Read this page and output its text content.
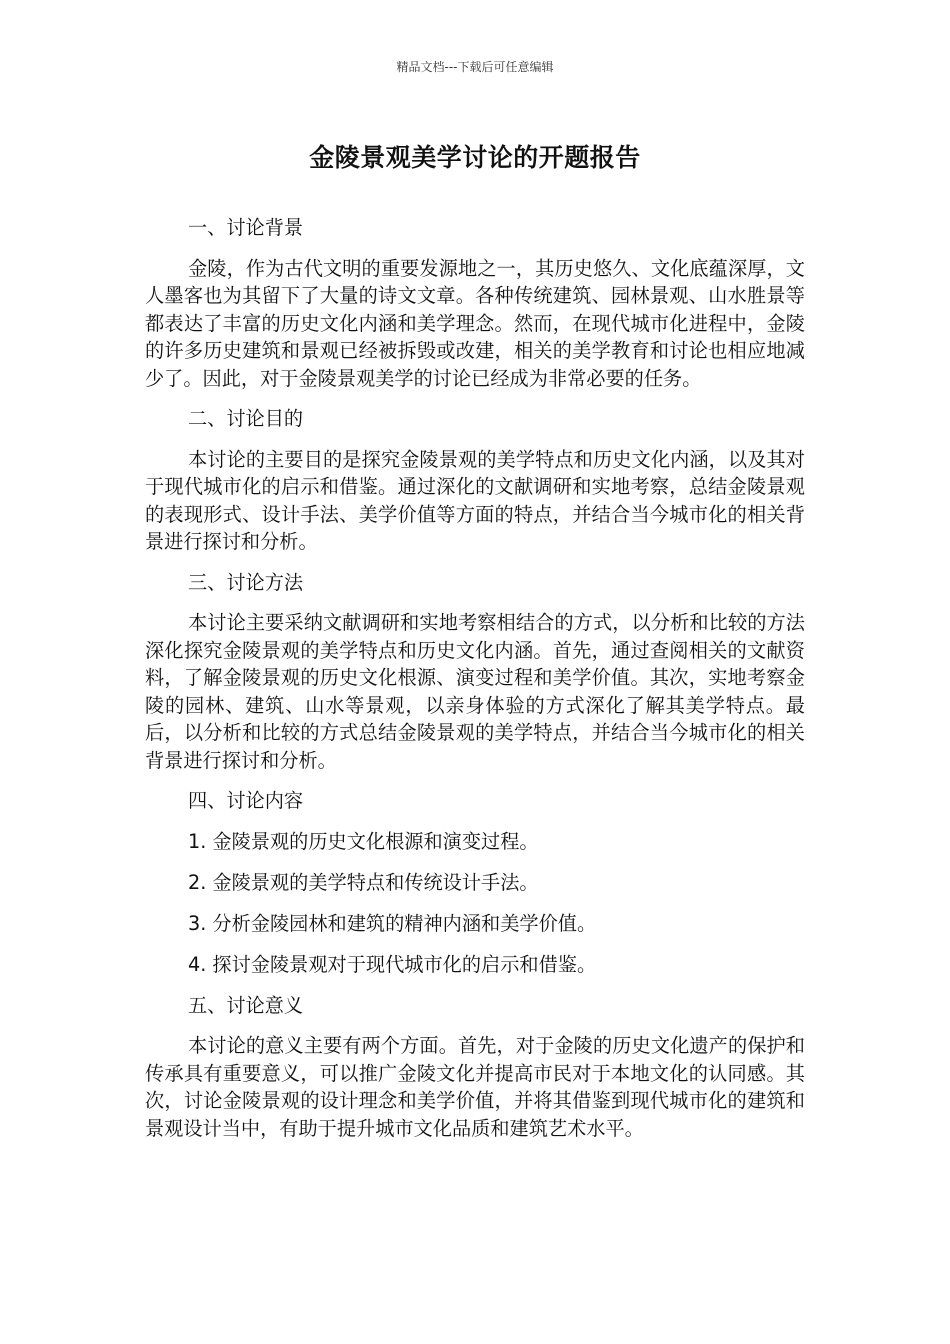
精品文档---下载后可任意编辑
金陵景观美学讨论的开题报告

一、讨论背景

金陵，作为古代文明的重要发源地之一，其历史悠久、文化底蕴深厚，文人墨客也为其留下了大量的诗文文章。各种传统建筑、园林景观、山水胜景等都表达了丰富的历史文化内涵和美学理念。然而，在现代城市化进程中，金陵的许多历史建筑和景观已经被拆毁或改建，相关的美学教育和讨论也相应地减少了。因此，对于金陵景观美学的讨论已经成为非常必要的任务。

二、讨论目的

本讨论的主要目的是探究金陵景观的美学特点和历史文化内涵，以及其对于现代城市化的启示和借鉴。通过深化的文献调研和实地考察，总结金陵景观的表现形式、设计手法、美学价值等方面的特点，并结合当今城市化的相关背景进行探讨和分析。

三、讨论方法

本讨论主要采纳文献调研和实地考察相结合的方式，以分析和比较的方法深化探究金陵景观的美学特点和历史文化内涵。首先，通过查阅相关的文献资料，了解金陵景观的历史文化根源、演变过程和美学价值。其次，实地考察金陵的园林、建筑、山水等景观，以亲身体验的方式深化了解其美学特点。最后，以分析和比较的方式总结金陵景观的美学特点，并结合当今城市化的相关背景进行探讨和分析。

四、讨论内容

1. 金陵景观的历史文化根源和演变过程。

2. 金陵景观的美学特点和传统设计手法。

3. 分析金陵园林和建筑的精神内涵和美学价值。

4. 探讨金陵景观对于现代城市化的启示和借鉴。

五、讨论意义

本讨论的意义主要有两个方面。首先，对于金陵的历史文化遗产的保护和传承具有重要意义，可以推广金陵文化并提高市民对于本地文化的认同感。其次，讨论金陵景观的设计理念和美学价值，并将其借鉴到现代城市化的建筑和景观设计当中，有助于提升城市文化品质和建筑艺术水平。
